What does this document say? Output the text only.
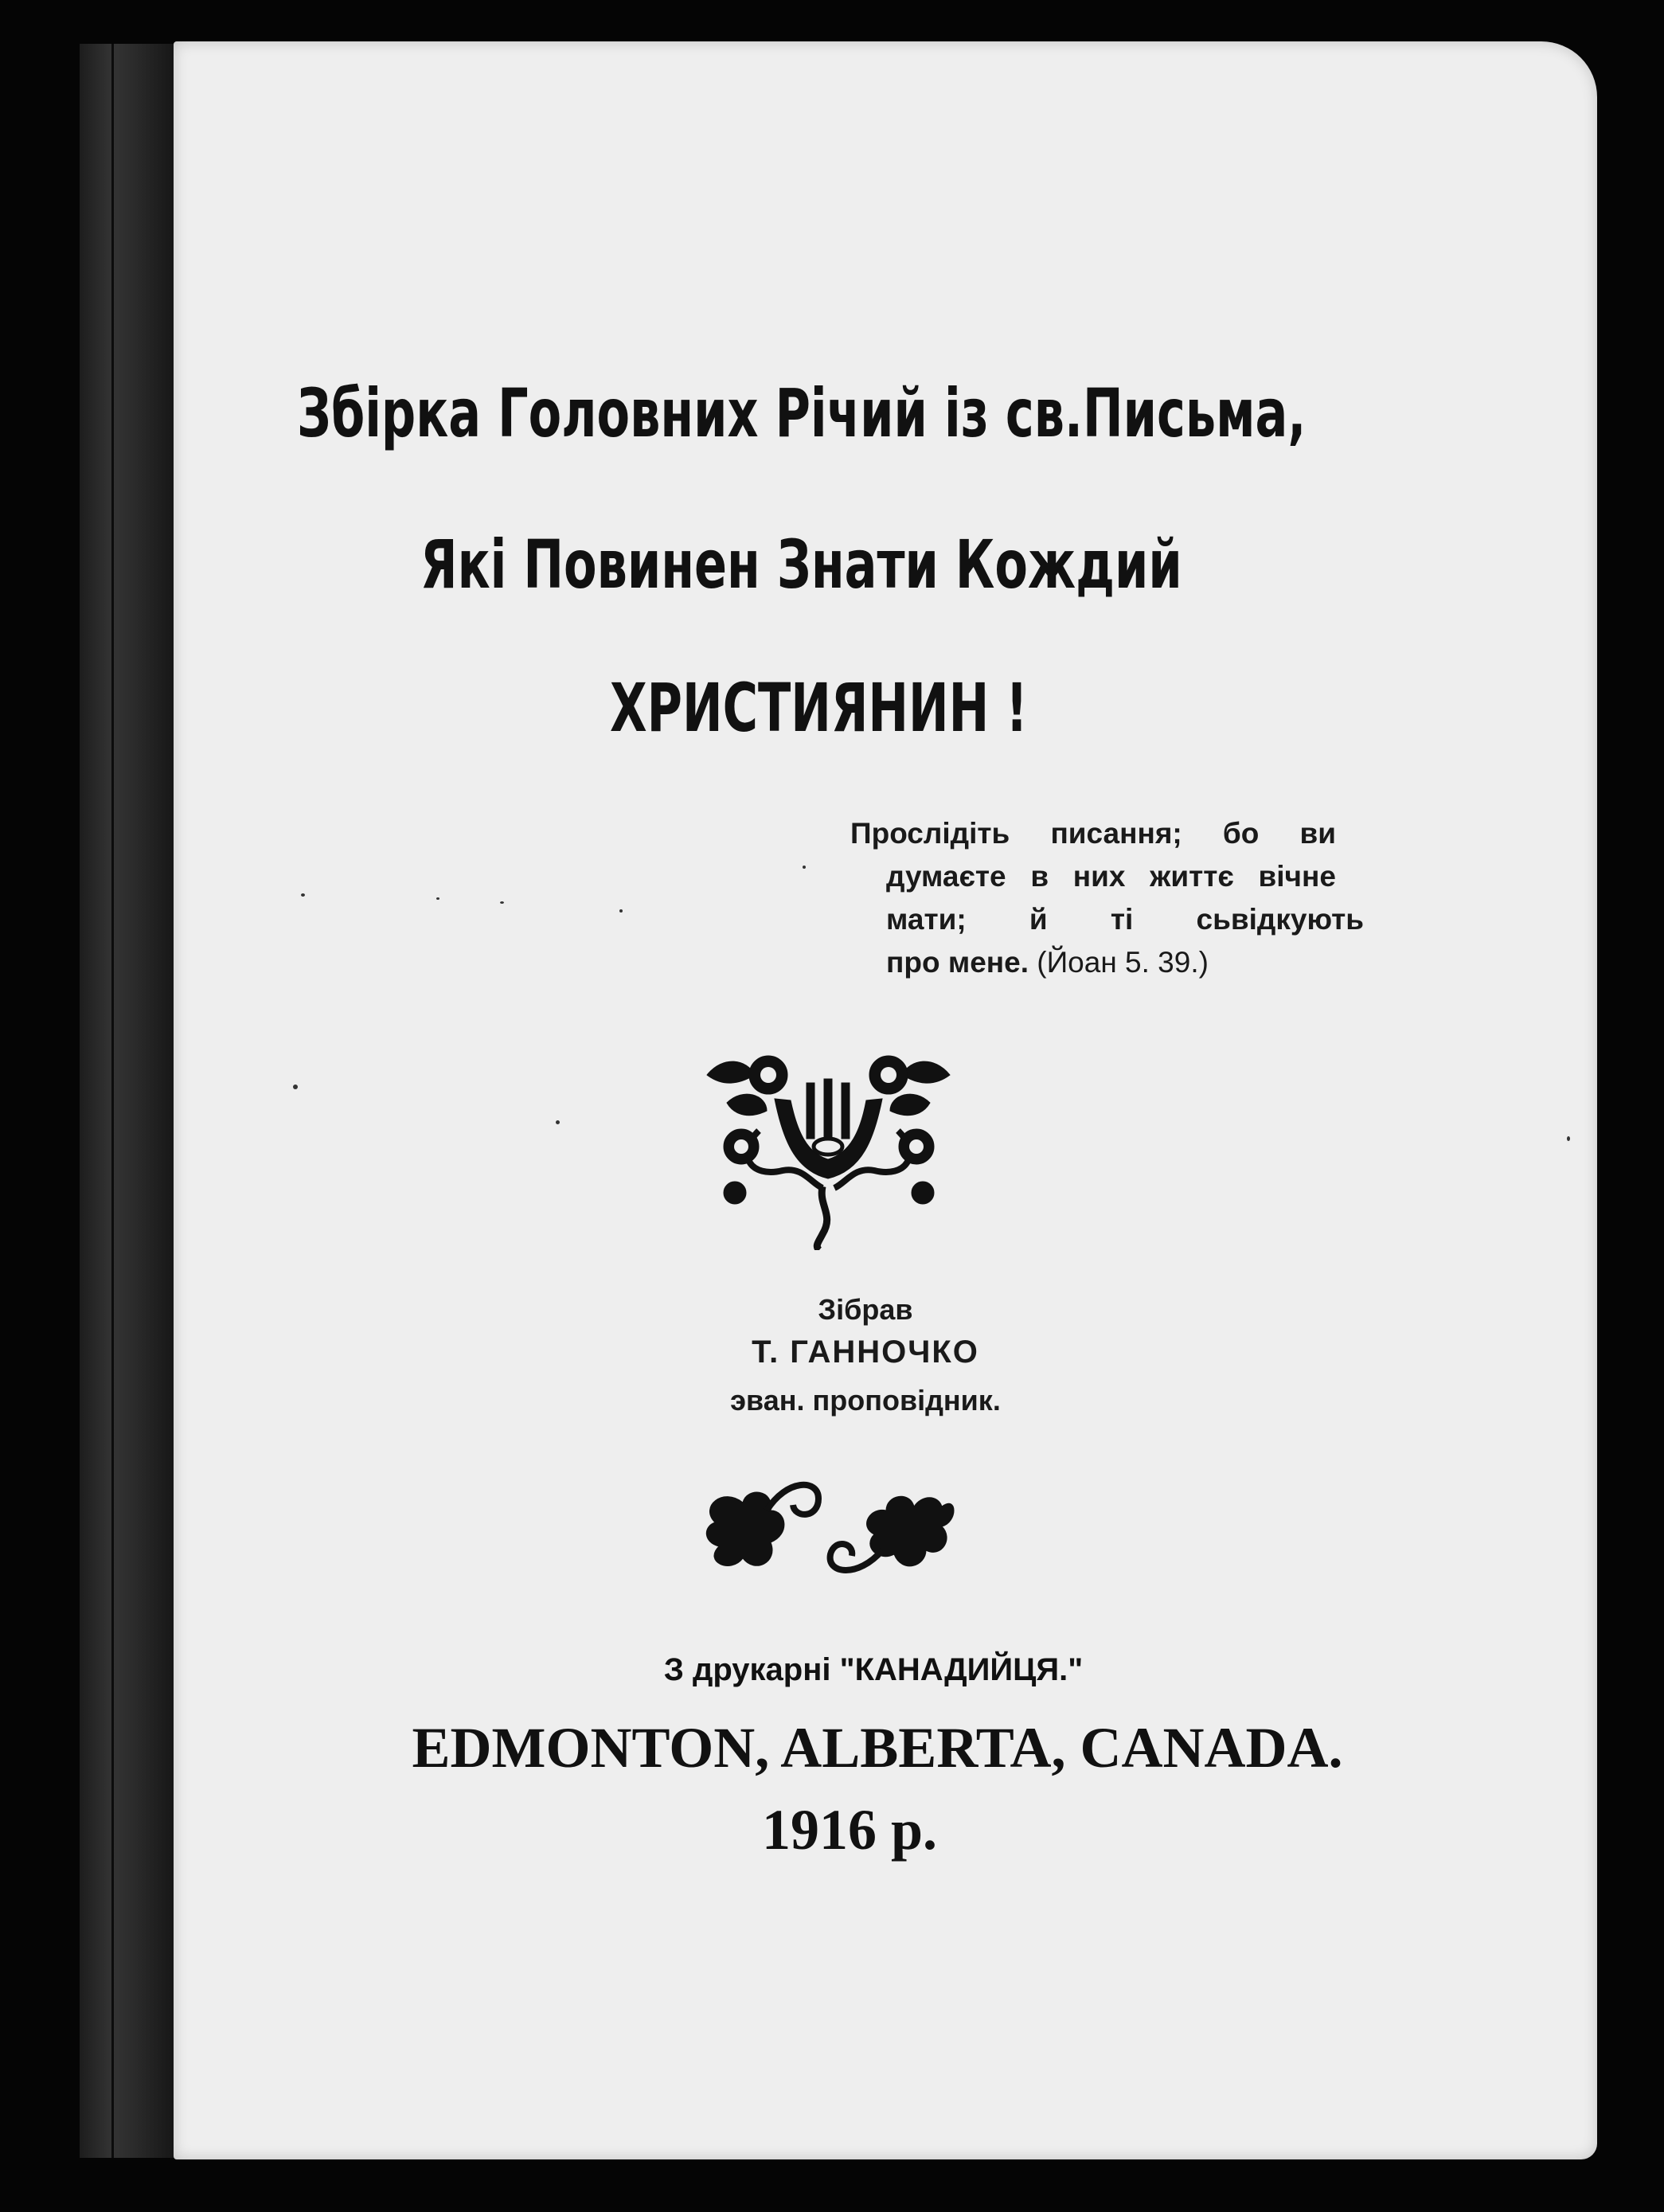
Збірка Головних Річий із св.Письма,
Які Повинен Знати Кождий
ХРИСТИЯНИН !
Прослідіть писання; бо ви
думаєте в них життє вічне
мати; й ті сьвідкують
про мене. (Йоан 5. 39.)
Зібрав
Т. ГАННОЧКО
эван. проповідник.
З друкарні "КАНАДИЙЦЯ."
EDMONTON, ALBERTA, CANADA.
1916 р.
